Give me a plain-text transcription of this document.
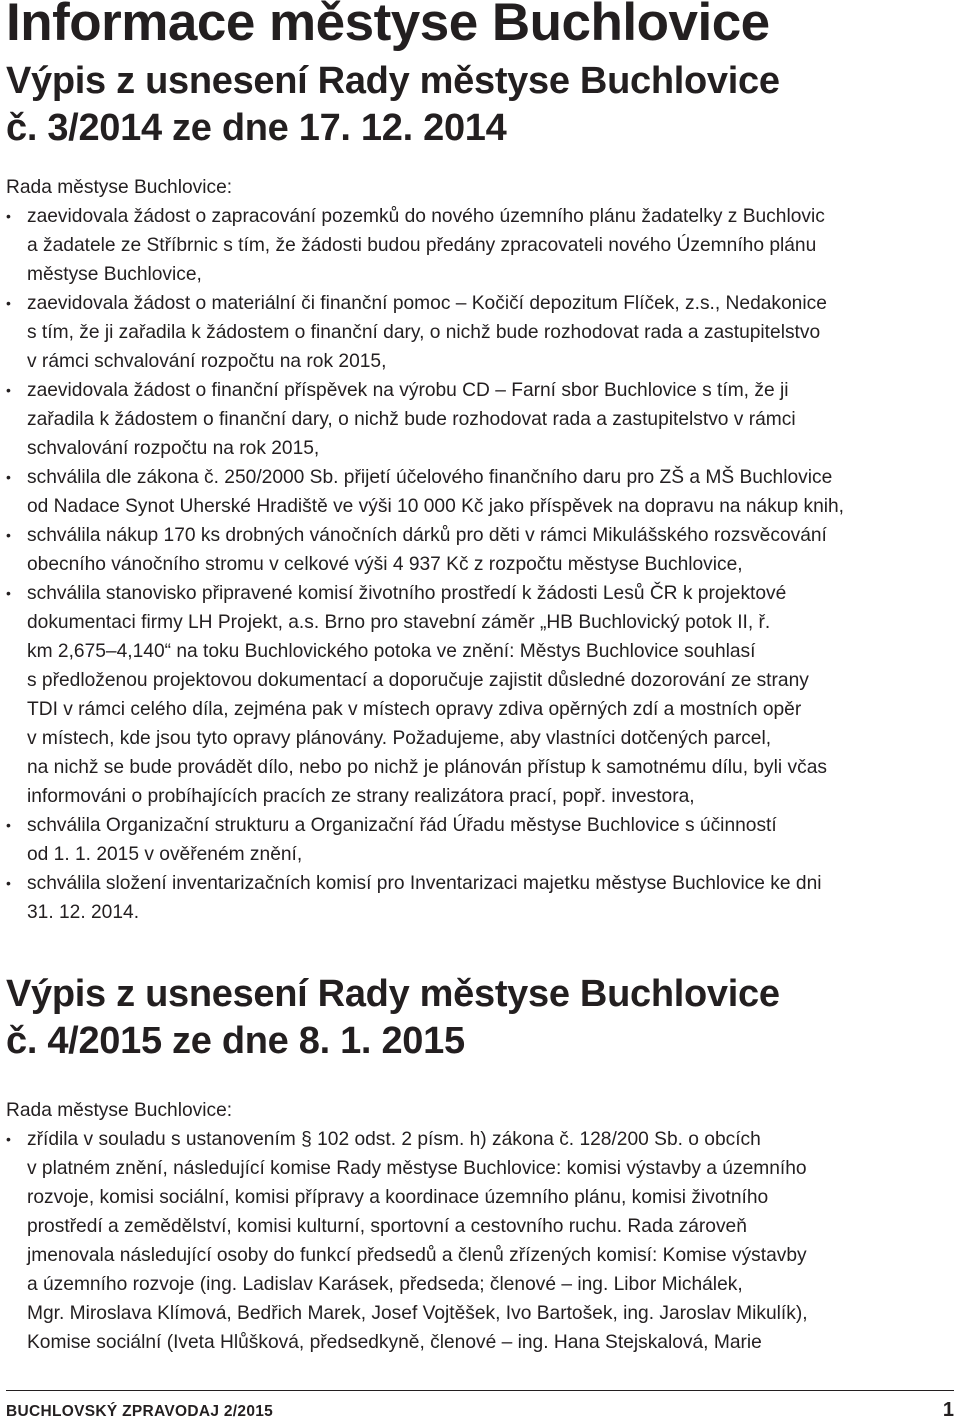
Informace městyse Buchlovice
Výpis z usnesení Rady městyse Buchlovice
č. 3/2014 ze dne 17. 12. 2014

Rada městyse Buchlovice:

• zaevidovala žádost o zapracování pozemků do nového územního plánu žadatelky z Buchlovic
a žadatele ze Stříbrnic s tím, že žádosti budou předány zpracovateli nového Územního plánu
městyse Buchlovice,
• zaevidovala žádost o materiální či finanční pomoc – Kočičí depozitum Flíček, z.s., Nedakonice
s tím, že ji zařadila k žádostem o finanční dary, o nichž bude rozhodovat rada a zastupitelstvo
v rámci schvalování rozpočtu na rok 2015,
• zaevidovala žádost o finanční příspěvek na výrobu CD – Farní sbor Buchlovice s tím, že ji
zařadila k žádostem o finanční dary, o nichž bude rozhodovat rada a zastupitelstvo v rámci
schvalování rozpočtu na rok 2015,
• schválila dle zákona č. 250/2000 Sb. přijetí účelového finančního daru pro ZŠ a MŠ Buchlovice
od Nadace Synot Uherské Hradiště ve výši 10 000 Kč jako příspěvek na dopravu na nákup knih,
• schválila nákup 170 ks drobných vánočních dárků pro děti v rámci Mikulášského rozsvěcování
obecního vánočního stromu v celkové výši 4 937 Kč z rozpočtu městyse Buchlovice,
• schválila stanovisko připravené komisí životního prostředí k žádosti Lesů ČR k projektové
dokumentaci firmy LH Projekt, a.s. Brno pro stavební záměr „HB Buchlovický potok II, ř.
km 2,675–4,140“ na toku Buchlovického potoka ve znění: Městys Buchlovice souhlasí
s předloženou projektovou dokumentací a doporučuje zajistit důsledné dozorování ze strany
TDI v rámci celého díla, zejména pak v místech opravy zdiva opěrných zdí a mostních opěr
v místech, kde jsou tyto opravy plánovány. Požadujeme, aby vlastníci dotčených parcel,
na nichž se bude provádět dílo, nebo po nichž je plánován přístup k samotnému dílu, byli včas
informováni o probíhajících pracích ze strany realizátora prací, popř. investora,
• schválila Organizační strukturu a Organizační řád Úřadu městyse Buchlovice s účinností
od 1. 1. 2015 v ověřeném znění,
• schválila složení inventarizačních komisí pro Inventarizaci majetku městyse Buchlovice ke dni
31. 12. 2014.
Výpis z usnesení Rady městyse Buchlovice
č. 4/2015 ze dne 8. 1. 2015

Rada městyse Buchlovice:

• zřídila v souladu s ustanovením § 102 odst. 2 písm. h) zákona č. 128/200 Sb. o obcích
v platném znění, následující komise Rady městyse Buchlovice: komisi výstavby a územního
rozvoje, komisi sociální, komisi přípravy a koordinace územního plánu, komisi životního
prostředí a zemědělství, komisi kulturní, sportovní a cestovního ruchu. Rada zároveň
jmenovala následující osoby do funkcí předsedů a členů zřízených komisí: Komise výstavby
a územního rozvoje (ing. Ladislav Karásek, předseda; členové – ing. Libor Michálek,
Mgr. Miroslava Klímová, Bedřich Marek, Josef Vojtěšek, Ivo Bartošek, ing. Jaroslav Mikulík),
Komise sociální (Iveta Hlůšková, předsedkyně, členové – ing. Hana Stejskalová, Marie

BUCHLOVSKÝ ZPRAVODAJ 2/2015	1
